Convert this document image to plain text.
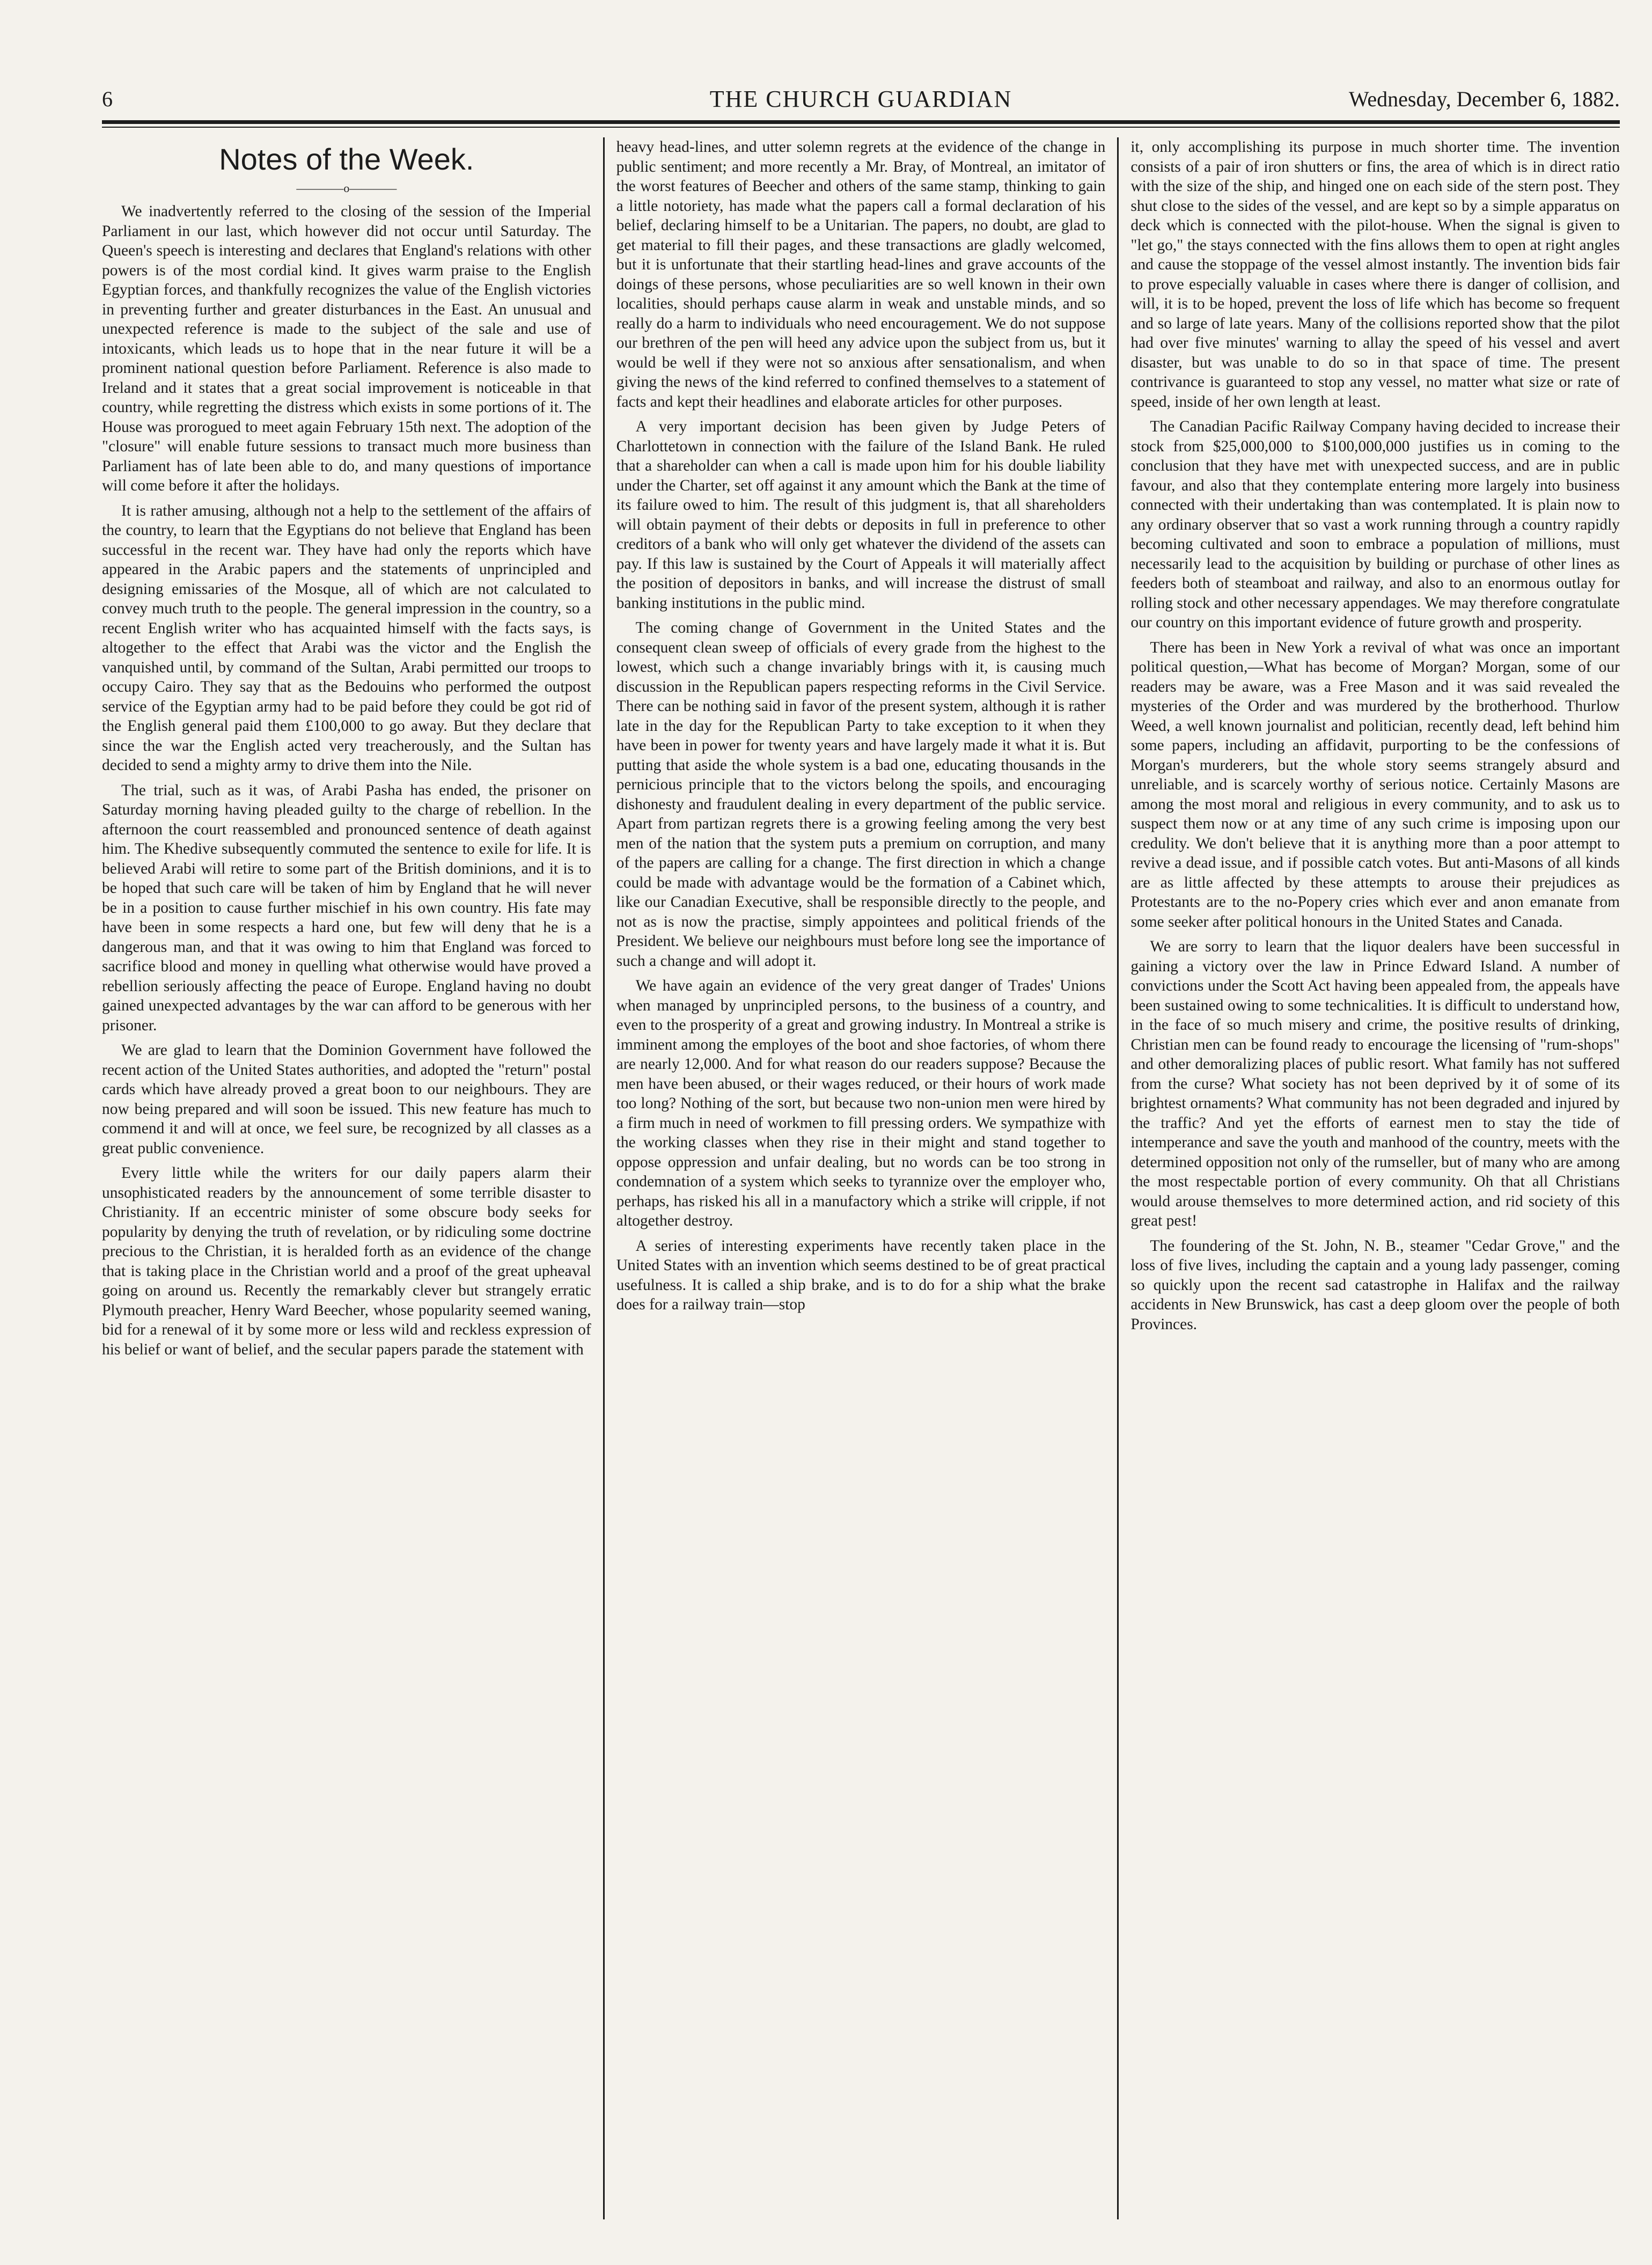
6	THE CHURCH GUARDIAN	Wednesday, December 6, 1882.
Notes of the Week.
————o————

We inadvertently referred to the closing of the session of the Imperial Parliament in our last, which however did not occur until Saturday. The Queen's speech is interesting and declares that England's relations with other powers is of the most cordial kind. It gives warm praise to the English Egyptian forces, and thankfully recognizes the value of the English victories in preventing further and greater disturbances in the East. An unusual and unexpected reference is made to the subject of the sale and use of intoxicants, which leads us to hope that in the near future it will be a prominent national question before Parliament. Reference is also made to Ireland and it states that a great social improvement is noticeable in that country, while regretting the distress which exists in some portions of it. The House was prorogued to meet again February 15th next. The adoption of the "closure" will enable future sessions to transact much more business than Parliament has of late been able to do, and many questions of importance will come before it after the holidays.

It is rather amusing, although not a help to the settlement of the affairs of the country, to learn that the Egyptians do not believe that England has been successful in the recent war. They have had only the reports which have appeared in the Arabic papers and the statements of unprincipled and designing emissaries of the Mosque, all of which are not calculated to convey much truth to the people. The general impression in the country, so a recent English writer who has acquainted himself with the facts says, is altogether to the effect that Arabi was the victor and the English the vanquished until, by command of the Sultan, Arabi permitted our troops to occupy Cairo. They say that as the Bedouins who performed the outpost service of the Egyptian army had to be paid before they could be got rid of the English general paid them £100,000 to go away. But they declare that since the war the English acted very treacherously, and the Sultan has decided to send a mighty army to drive them into the Nile.

The trial, such as it was, of Arabi Pasha has ended, the prisoner on Saturday morning having pleaded guilty to the charge of rebellion. In the afternoon the court reassembled and pronounced sentence of death against him. The Khedive subsequently commuted the sentence to exile for life. It is believed Arabi will retire to some part of the British dominions, and it is to be hoped that such care will be taken of him by England that he will never be in a position to cause further mischief in his own country. His fate may have been in some respects a hard one, but few will deny that he is a dangerous man, and that it was owing to him that England was forced to sacrifice blood and money in quelling what otherwise would have proved a rebellion seriously affecting the peace of Europe. England having no doubt gained unexpected advantages by the war can afford to be generous with her prisoner.

We are glad to learn that the Dominion Government have followed the recent action of the United States authorities, and adopted the "return" postal cards which have already proved a great boon to our neighbours. They are now being prepared and will soon be issued. This new feature has much to commend it and will at once, we feel sure, be recognized by all classes as a great public convenience.

Every little while the writers for our daily papers alarm their unsophisticated readers by the announcement of some terrible disaster to Christianity. If an eccentric minister of some obscure body seeks for popularity by denying the truth of revelation, or by ridiculing some doctrine precious to the Christian, it is heralded forth as an evidence of the change that is taking place in the Christian world and a proof of the great upheaval going on around us. Recently the remarkably clever but strangely erratic Plymouth preacher, Henry Ward Beecher, whose popularity seemed waning, bid for a renewal of it by some more or less wild and reckless expression of his belief or want of belief, and the secular papers parade the statement with

heavy head-lines, and utter solemn regrets at the evidence of the change in public sentiment; and more recently a Mr. Bray, of Montreal, an imitator of the worst features of Beecher and others of the same stamp, thinking to gain a little notoriety, has made what the papers call a formal declaration of his belief, declaring himself to be a Unitarian. The papers, no doubt, are glad to get material to fill their pages, and these transactions are gladly welcomed, but it is unfortunate that their startling head-lines and grave accounts of the doings of these persons, whose peculiarities are so well known in their own localities, should perhaps cause alarm in weak and unstable minds, and so really do a harm to individuals who need encouragement. We do not suppose our brethren of the pen will heed any advice upon the subject from us, but it would be well if they were not so anxious after sensationalism, and when giving the news of the kind referred to confined themselves to a statement of facts and kept their headlines and elaborate articles for other purposes.

A very important decision has been given by Judge Peters of Charlottetown in connection with the failure of the Island Bank. He ruled that a shareholder can when a call is made upon him for his double liability under the Charter, set off against it any amount which the Bank at the time of its failure owed to him. The result of this judgment is, that all shareholders will obtain payment of their debts or deposits in full in preference to other creditors of a bank who will only get whatever the dividend of the assets can pay. If this law is sustained by the Court of Appeals it will materially affect the position of depositors in banks, and will increase the distrust of small banking institutions in the public mind.

The coming change of Government in the United States and the consequent clean sweep of officials of every grade from the highest to the lowest, which such a change invariably brings with it, is causing much discussion in the Republican papers respecting reforms in the Civil Service. There can be nothing said in favor of the present system, although it is rather late in the day for the Republican Party to take exception to it when they have been in power for twenty years and have largely made it what it is. But putting that aside the whole system is a bad one, educating thousands in the pernicious principle that to the victors belong the spoils, and encouraging dishonesty and fraudulent dealing in every department of the public service. Apart from partizan regrets there is a growing feeling among the very best men of the nation that the system puts a premium on corruption, and many of the papers are calling for a change. The first direction in which a change could be made with advantage would be the formation of a Cabinet which, like our Canadian Executive, shall be responsible directly to the people, and not as is now the practise, simply appointees and political friends of the President. We believe our neighbours must before long see the importance of such a change and will adopt it.

We have again an evidence of the very great danger of Trades' Unions when managed by unprincipled persons, to the business of a country, and even to the prosperity of a great and growing industry. In Montreal a strike is imminent among the employes of the boot and shoe factories, of whom there are nearly 12,000. And for what reason do our readers suppose? Because the men have been abused, or their wages reduced, or their hours of work made too long? Nothing of the sort, but because two non-union men were hired by a firm much in need of workmen to fill pressing orders. We sympathize with the working classes when they rise in their might and stand together to oppose oppression and unfair dealing, but no words can be too strong in condemnation of a system which seeks to tyrannize over the employer who, perhaps, has risked his all in a manufactory which a strike will cripple, if not altogether destroy.

A series of interesting experiments have recently taken place in the United States with an invention which seems destined to be of great practical usefulness. It is called a ship brake, and is to do for a ship what the brake does for a railway train—stop

it, only accomplishing its purpose in much shorter time. The invention consists of a pair of iron shutters or fins, the area of which is in direct ratio with the size of the ship, and hinged one on each side of the stern post. They shut close to the sides of the vessel, and are kept so by a simple apparatus on deck which is connected with the pilot-house. When the signal is given to "let go," the stays connected with the fins allows them to open at right angles and cause the stoppage of the vessel almost instantly. The invention bids fair to prove especially valuable in cases where there is danger of collision, and will, it is to be hoped, prevent the loss of life which has become so frequent and so large of late years. Many of the collisions reported show that the pilot had over five minutes' warning to allay the speed of his vessel and avert disaster, but was unable to do so in that space of time. The present contrivance is guaranteed to stop any vessel, no matter what size or rate of speed, inside of her own length at least.

The Canadian Pacific Railway Company having decided to increase their stock from $25,000,000 to $100,000,000 justifies us in coming to the conclusion that they have met with unexpected success, and are in public favour, and also that they contemplate entering more largely into business connected with their undertaking than was contemplated. It is plain now to any ordinary observer that so vast a work running through a country rapidly becoming cultivated and soon to embrace a population of millions, must necessarily lead to the acquisition by building or purchase of other lines as feeders both of steamboat and railway, and also to an enormous outlay for rolling stock and other necessary appendages. We may therefore congratulate our country on this important evidence of future growth and prosperity.

There has been in New York a revival of what was once an important political question,—What has become of Morgan? Morgan, some of our readers may be aware, was a Free Mason and it was said revealed the mysteries of the Order and was murdered by the brotherhood. Thurlow Weed, a well known journalist and politician, recently dead, left behind him some papers, including an affidavit, purporting to be the confessions of Morgan's murderers, but the whole story seems strangely absurd and unreliable, and is scarcely worthy of serious notice. Certainly Masons are among the most moral and religious in every community, and to ask us to suspect them now or at any time of any such crime is imposing upon our credulity. We don't believe that it is anything more than a poor attempt to revive a dead issue, and if possible catch votes. But anti-Masons of all kinds are as little affected by these attempts to arouse their prejudices as Protestants are to the no-Popery cries which ever and anon emanate from some seeker after political honours in the United States and Canada.

We are sorry to learn that the liquor dealers have been successful in gaining a victory over the law in Prince Edward Island. A number of convictions under the Scott Act having been appealed from, the appeals have been sustained owing to some technicalities. It is difficult to understand how, in the face of so much misery and crime, the positive results of drinking, Christian men can be found ready to encourage the licensing of "rum-shops" and other demoralizing places of public resort. What family has not suffered from the curse? What society has not been deprived by it of some of its brightest ornaments? What community has not been degraded and injured by the traffic? And yet the efforts of earnest men to stay the tide of intemperance and save the youth and manhood of the country, meets with the determined opposition not only of the rumseller, but of many who are among the most respectable portion of every community. Oh that all Christians would arouse themselves to more determined action, and rid society of this great pest!

The foundering of the St. John, N. B., steamer "Cedar Grove," and the loss of five lives, including the captain and a young lady passenger, coming so quickly upon the recent sad catastrophe in Halifax and the railway accidents in New Brunswick, has cast a deep gloom over the people of both Provinces.
